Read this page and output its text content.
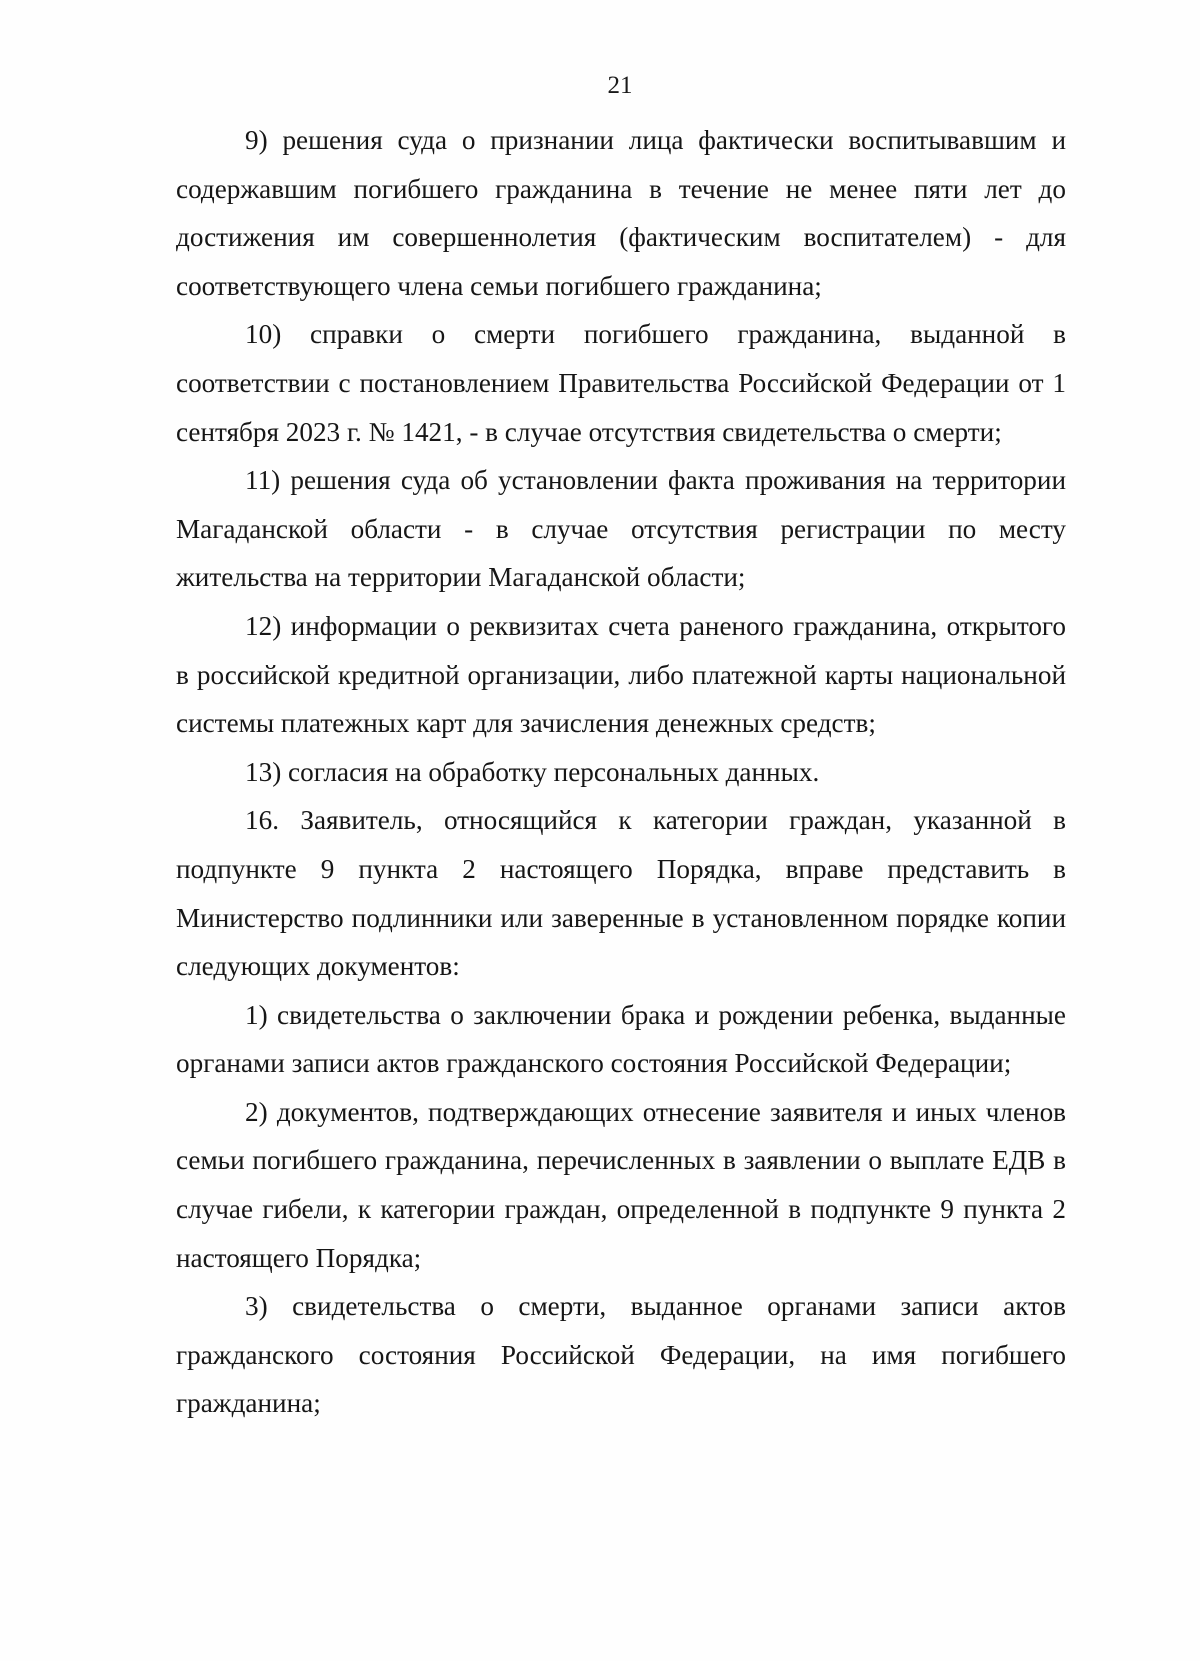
21

9) решения суда о признании лица фактически воспитывавшим и содержавшим погибшего гражданина в течение не менее пяти лет до достижения им совершеннолетия (фактическим воспитателем) - для соответствующего члена семьи погибшего гражданина;

10) справки о смерти погибшего гражданина, выданной в соответствии с постановлением Правительства Российской Федерации от 1 сентября 2023 г. № 1421, - в случае отсутствия свидетельства о смерти;

11) решения суда об установлении факта проживания на территории Магаданской области - в случае отсутствия регистрации по месту жительства на территории Магаданской области;

12) информации о реквизитах счета раненого гражданина, открытого в российской кредитной организации, либо платежной карты национальной системы платежных карт для зачисления денежных средств;

13) согласия на обработку персональных данных.

16. Заявитель, относящийся к категории граждан, указанной в подпункте 9 пункта 2 настоящего Порядка, вправе представить в Министерство подлинники или заверенные в установленном порядке копии следующих документов:

1) свидетельства о заключении брака и рождении ребенка, выданные органами записи актов гражданского состояния Российской Федерации;

2) документов, подтверждающих отнесение заявителя и иных членов семьи погибшего гражданина, перечисленных в заявлении о выплате ЕДВ в случае гибели, к категории граждан, определенной в подпункте 9 пункта 2 настоящего Порядка;

3) свидетельства о смерти, выданное органами записи актов гражданского состояния Российской Федерации, на имя погибшего гражданина;
